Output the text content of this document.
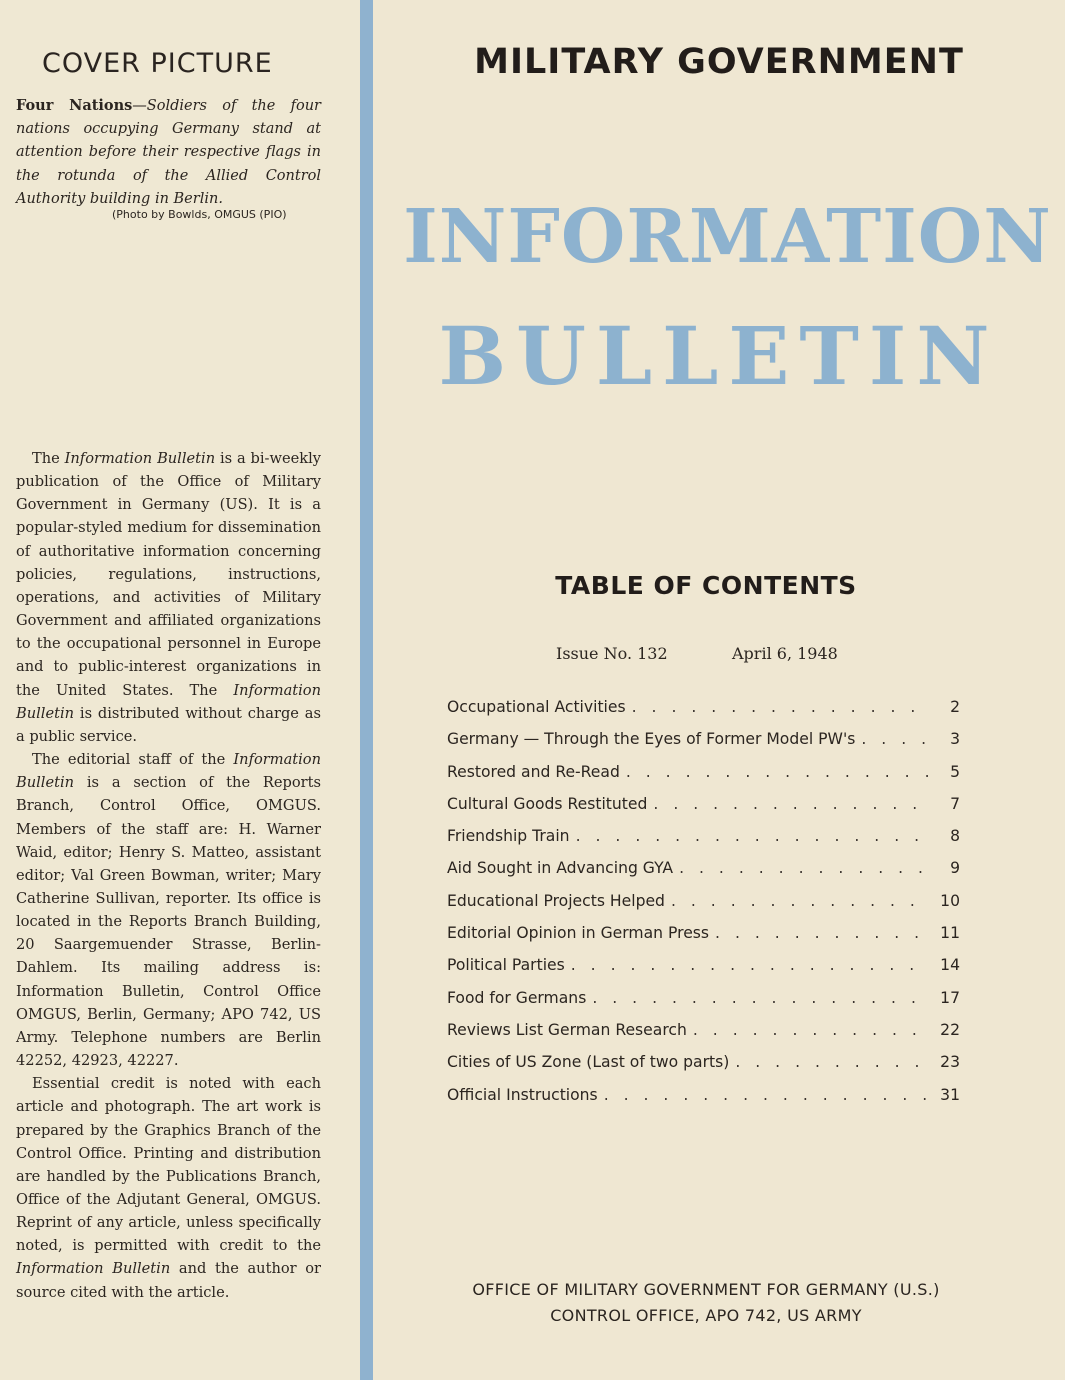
COVER PICTURE
Four Nations—Soldiers of the four nations occupying Germany stand at attention before their respective flags in the rotunda of the Allied Control Authority building in Berlin.
(Photo by Bowlds, OMGUS (PIO)

The Information Bulletin is a bi-weekly publication of the Office of Military Government in Germany (US). It is a popular-styled medium for dissemination of authoritative information concerning policies, regulations, instructions, operations, and activities of Military Government and affiliated organizations to the occupational personnel in Europe and to public-interest organizations in the United States. The Information Bulletin is distributed without charge as a public service.

The editorial staff of the Information Bulletin is a section of the Reports Branch, Control Office, OMGUS. Members of the staff are: H. Warner Waid, editor; Henry S. Matteo, assistant editor; Val Green Bowman, writer; Mary Catherine Sullivan, reporter. Its office is located in the Reports Branch Building, 20 Saargemuender Strasse, Berlin-Dahlem. Its mailing address is: Information Bulletin, Control Office OMGUS, Berlin, Germany; APO 742, US Army. Telephone numbers are Berlin 42252, 42923, 42227.

Essential credit is noted with each article and photograph. The art work is prepared by the Graphics Branch of the Control Office. Printing and distribution are handled by the Publications Branch, Office of the Adjutant General, OMGUS. Reprint of any article, unless specifically noted, is permitted with credit to the Information Bulletin and the author or source cited with the article.

MILITARY GOVERNMENT
INFORMATION
BULLETIN
TABLE OF CONTENTS
Issue No. 132	April 6, 1948
Occupational Activities . . .	2
Germany — Through the Eyes of Former Model PW's . . .	3
Restored and Re-Read . . .	5
Cultural Goods Restituted . . .	7
Friendship Train . . .	8
Aid Sought in Advancing GYA . . .	9
Educational Projects Helped . . .	10
Editorial Opinion in German Press . . .	11
Political Parties . . .	14
Food for Germans . . .	17
Reviews List German Research . . .	22
Cities of US Zone (Last of two parts) . . .	23
Official Instructions . . .	31
OFFICE OF MILITARY GOVERNMENT FOR GERMANY (U.S.)
CONTROL OFFICE, APO 742, US ARMY
